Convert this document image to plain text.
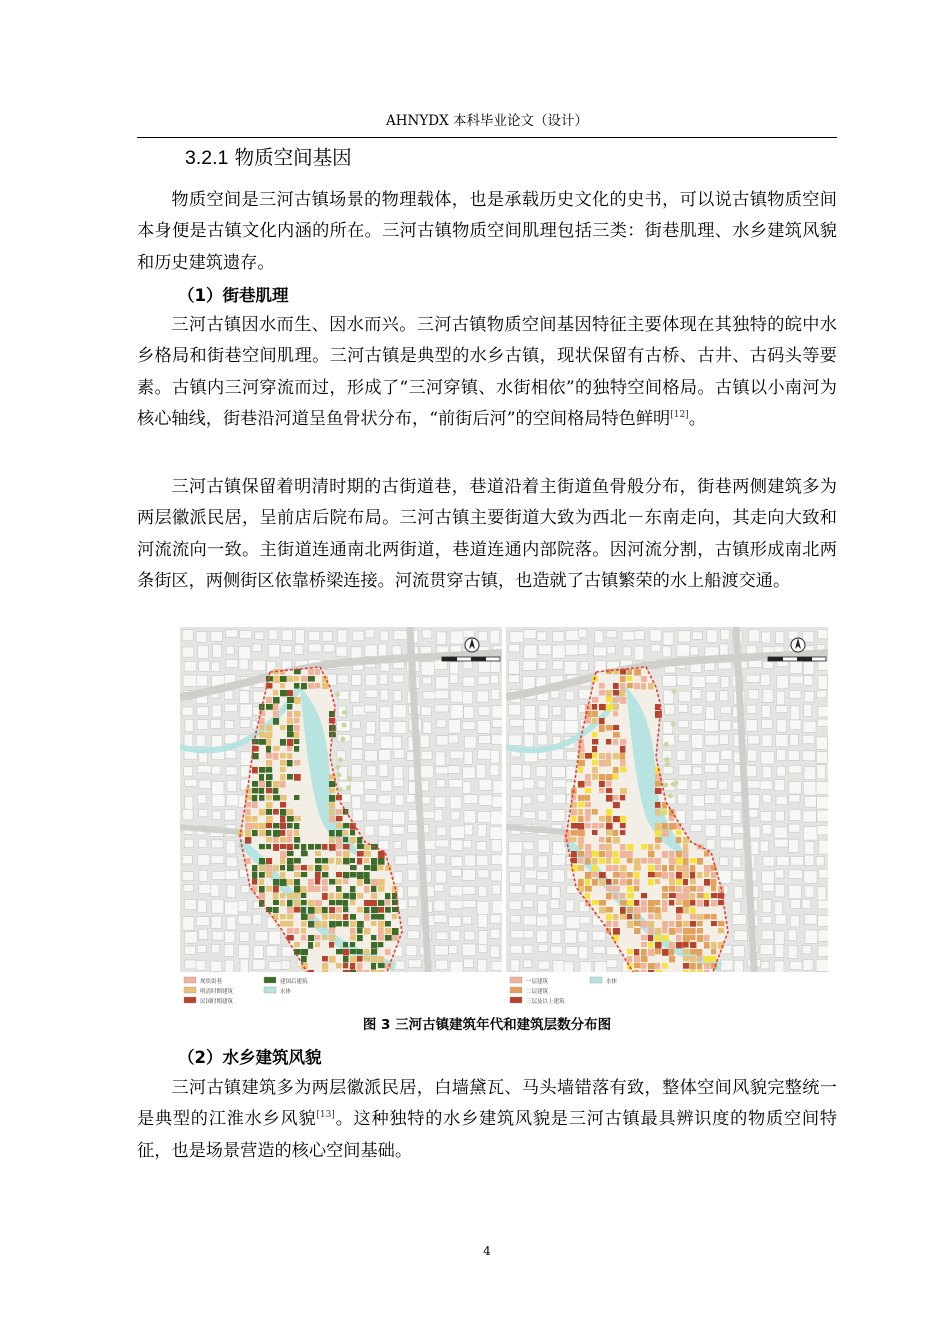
AHNYDX 本科毕业论文（设计）
3.2.1 物质空间基因
物质空间是三河古镇场景的物理载体，也是承载历史文化的史书，可以说古镇物质空间本身便是古镇文化内涵的所在。三河古镇物质空间肌理包括三类：街巷肌理、水乡建筑风貌和历史建筑遗存。
（1）街巷肌理
三河古镇因水而生、因水而兴。三河古镇物质空间基因特征主要体现在其独特的皖中水乡格局和街巷空间肌理。三河古镇是典型的水乡古镇，现状保留有古桥、古井、古码头等要素。古镇内三河穿流而过，形成了“三河穿镇、水街相依”的独特空间格局。古镇以小南河为核心轴线，街巷沿河道呈鱼骨状分布，“前街后河”的空间格局特色鲜明[12]。
三河古镇保留着明清时期的古街道巷，巷道沿着主街道鱼骨般分布，街巷两侧建筑多为两层徽派民居，呈前店后院布局。三河古镇主要街道大致为西北－东南走向，其走向大致和河流流向一致。主街道连通南北两街道，巷道连通内部院落。因河流分割，古镇形成南北两条街区，两侧街区依靠桥梁连接。河流贯穿古镇，也造就了古镇繁荣的水上船渡交通。
现状街巷
明清时期建筑
民国时期建筑
建国后建筑
水体
一层建筑
二层建筑
三层及以上建筑
水体
图 3 三河古镇建筑年代和建筑层数分布图
（2）水乡建筑风貌
三河古镇建筑多为两层徽派民居，白墙黛瓦、马头墙错落有致，整体空间风貌完整统一是典型的江淮水乡风貌[13]。这种独特的水乡建筑风貌是三河古镇最具辨识度的物质空间特征，也是场景营造的核心空间基础。
4
